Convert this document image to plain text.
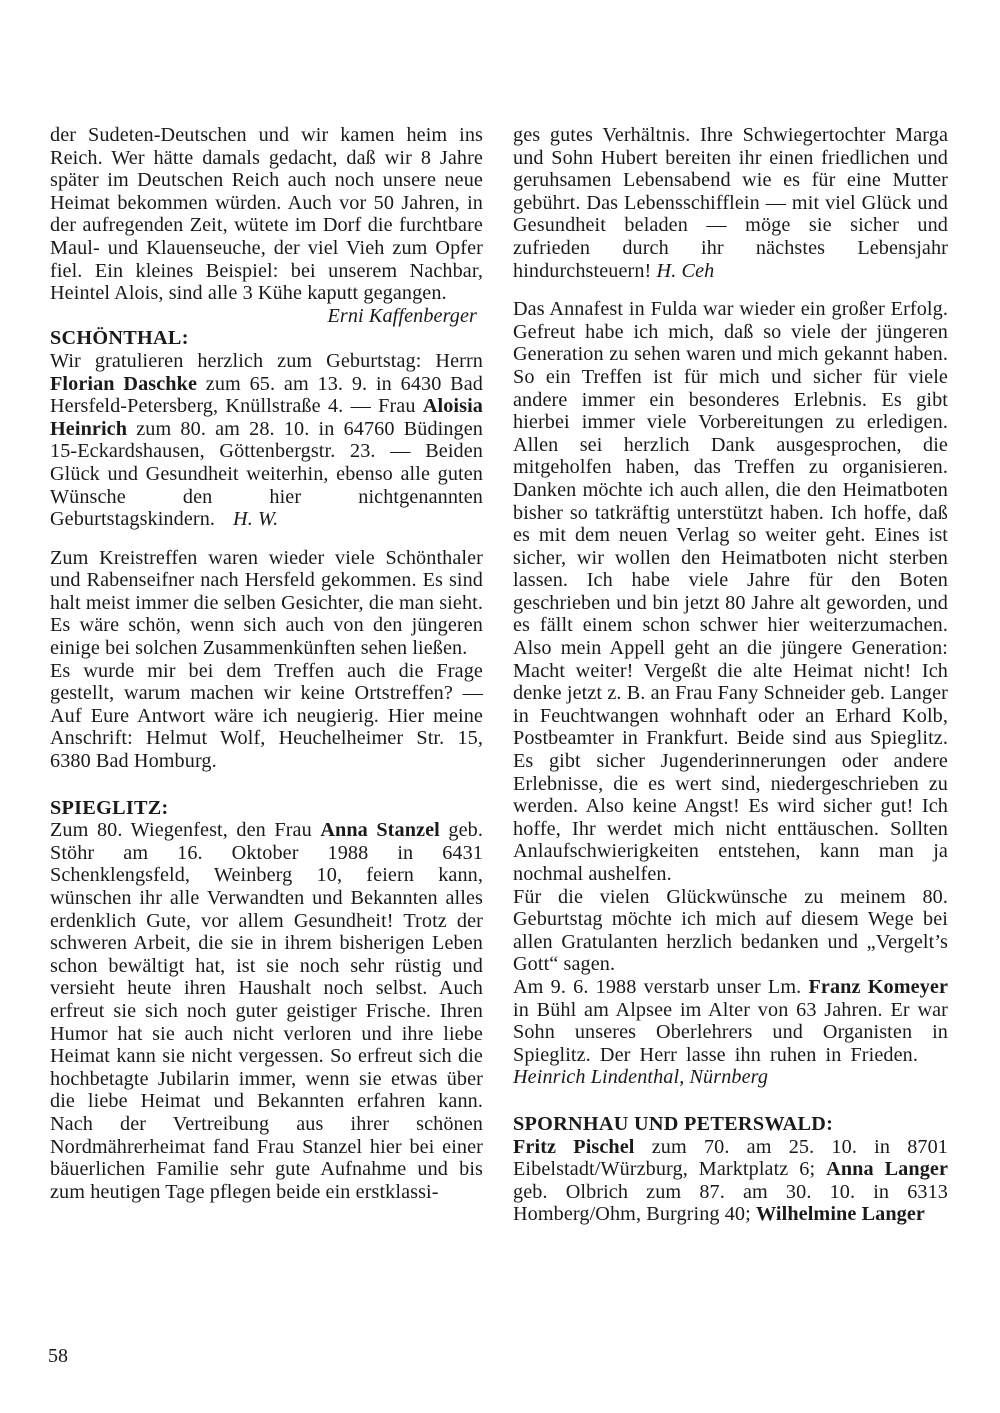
der Sudeten-Deutschen und wir kamen heim ins Reich. Wer hätte damals gedacht, daß wir 8 Jahre später im Deutschen Reich auch noch unsere neue Heimat bekommen würden. Auch vor 50 Jahren, in der aufregenden Zeit, wütete im Dorf die furchtbare Maul- und Klauenseuche, der viel Vieh zum Opfer fiel. Ein kleines Beispiel: bei unserem Nachbar, Heintel Alois, sind alle 3 Kühe kaputt gegangen.

Erni Kaffenberger

SCHÖNTHAL:

Wir gratulieren herzlich zum Geburtstag: Herrn Florian Daschke zum 65. am 13. 9. in 6430 Bad Hersfeld-Petersberg, Knüllstraße 4. — Frau Aloisia Heinrich zum 80. am 28. 10. in 64760 Büdingen 15-Eckardshausen, Göttenbergstr. 23. — Beiden Glück und Gesundheit weiterhin, ebenso alle guten Wünsche den hier nichtgenannten Geburtstagskindern. H. W.

Zum Kreistreffen waren wieder viele Schönthaler und Rabenseifner nach Hersfeld gekommen. Es sind halt meist immer die selben Gesichter, die man sieht. Es wäre schön, wenn sich auch von den jüngeren einige bei solchen Zusammenkünften sehen ließen.

Es wurde mir bei dem Treffen auch die Frage gestellt, warum machen wir keine Ortstreffen? — Auf Eure Antwort wäre ich neugierig. Hier meine Anschrift: Helmut Wolf, Heuchelheimer Str. 15, 6380 Bad Homburg.

SPIEGLITZ:

Zum 80. Wiegenfest, den Frau Anna Stanzel geb. Stöhr am 16. Oktober 1988 in 6431 Schenklengsfeld, Weinberg 10, feiern kann, wünschen ihr alle Verwandten und Bekannten alles erdenklich Gute, vor allem Gesundheit! Trotz der schweren Arbeit, die sie in ihrem bisherigen Leben schon bewältigt hat, ist sie noch sehr rüstig und versieht heute ihren Haushalt noch selbst. Auch erfreut sie sich noch guter geistiger Frische. Ihren Humor hat sie auch nicht verloren und ihre liebe Heimat kann sie nicht vergessen. So erfreut sich die hochbetagte Jubilarin immer, wenn sie etwas über die liebe Heimat und Bekannten erfahren kann. Nach der Vertreibung aus ihrer schönen Nordmährerheimat fand Frau Stanzel hier bei einer bäuerlichen Familie sehr gute Aufnahme und bis zum heutigen Tage pflegen beide ein erstklassi-

ges gutes Verhältnis. Ihre Schwiegertochter Marga und Sohn Hubert bereiten ihr einen friedlichen und geruhsamen Lebensabend wie es für eine Mutter gebührt. Das Lebensschifflein — mit viel Glück und Gesundheit beladen — möge sie sicher und zufrieden durch ihr nächstes Lebensjahr hindurchsteuern! H. Ceh

Das Annafest in Fulda war wieder ein großer Erfolg. Gefreut habe ich mich, daß so viele der jüngeren Generation zu sehen waren und mich gekannt haben. So ein Treffen ist für mich und sicher für viele andere immer ein besonderes Erlebnis. Es gibt hierbei immer viele Vorbereitungen zu erledigen. Allen sei herzlich Dank ausgesprochen, die mitgeholfen haben, das Treffen zu organisieren. Danken möchte ich auch allen, die den Heimatboten bisher so tatkräftig unterstützt haben. Ich hoffe, daß es mit dem neuen Verlag so weiter geht. Eines ist sicher, wir wollen den Heimatboten nicht sterben lassen. Ich habe viele Jahre für den Boten geschrieben und bin jetzt 80 Jahre alt geworden, und es fällt einem schon schwer hier weiterzumachen. Also mein Appell geht an die jüngere Generation: Macht weiter! Vergeßt die alte Heimat nicht! Ich denke jetzt z. B. an Frau Fany Schneider geb. Langer in Feuchtwangen wohnhaft oder an Erhard Kolb, Postbeamter in Frankfurt. Beide sind aus Spieglitz. Es gibt sicher Jugenderinnerungen oder andere Erlebnisse, die es wert sind, niedergeschrieben zu werden. Also keine Angst! Es wird sicher gut! Ich hoffe, Ihr werdet mich nicht enttäuschen. Sollten Anlaufschwierigkeiten entstehen, kann man ja nochmal aushelfen.

Für die vielen Glückwünsche zu meinem 80. Geburtstag möchte ich mich auf diesem Wege bei allen Gratulanten herzlich bedanken und „Vergelt’s Gott“ sagen.

Am 9. 6. 1988 verstarb unser Lm. Franz Komeyer in Bühl am Alpsee im Alter von 63 Jahren. Er war Sohn unseres Oberlehrers und Organisten in Spieglitz. Der Herr lasse ihn ruhen in Frieden.Heinrich Lindenthal, Nürnberg

SPORNHAU UND PETERSWALD:

Fritz Pischel zum 70. am 25. 10. in 8701 Eibelstadt/Würzburg, Marktplatz 6; Anna Langer geb. Olbrich zum 87. am 30. 10. in 6313 Homberg/Ohm, Burgring 40; Wilhelmine Langer

58
